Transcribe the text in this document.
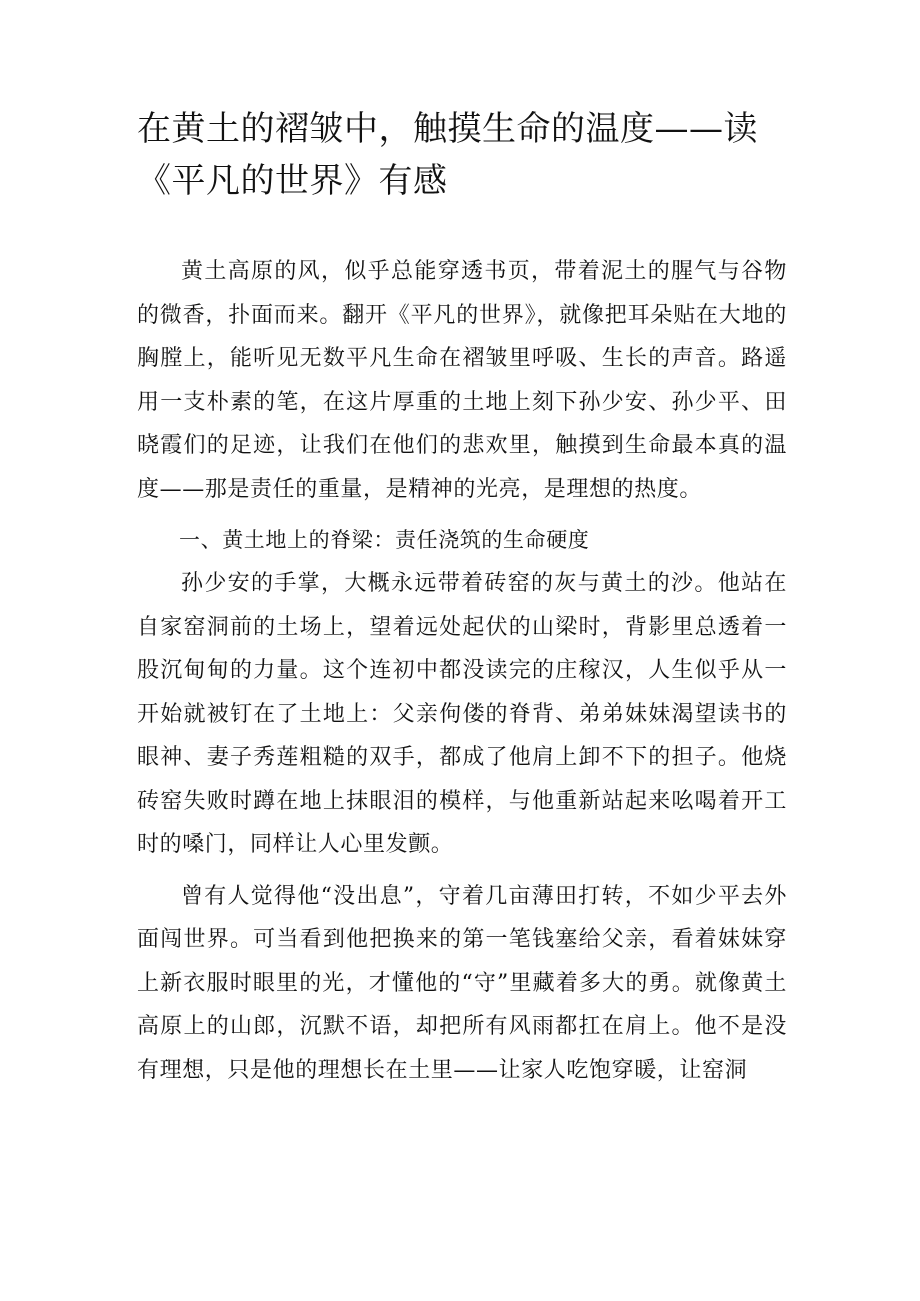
在黄土的褶皱中，触摸生命的温度——读《平凡的世界》有感

黄土高原的风，似乎总能穿透书页，带着泥土的腥气与谷物的微香，扑面而来。翻开《平凡的世界》，就像把耳朵贴在大地的胸膛上，能听见无数平凡生命在褶皱里呼吸、生长的声音。路遥用一支朴素的笔，在这片厚重的土地上刻下孙少安、孙少平、田晓霞们的足迹，让我们在他们的悲欢里，触摸到生命最本真的温度——那是责任的重量，是精神的光亮，是理想的热度。

一、黄土地上的脊梁：责任浇筑的生命硬度

孙少安的手掌，大概永远带着砖窑的灰与黄土的沙。他站在自家窑洞前的土场上，望着远处起伏的山梁时，背影里总透着一股沉甸甸的力量。这个连初中都没读完的庄稼汉，人生似乎从一开始就被钉在了土地上：父亲佝偻的脊背、弟弟妹妹渴望读书的眼神、妻子秀莲粗糙的双手，都成了他肩上卸不下的担子。他烧砖窑失败时蹲在地上抹眼泪的模样，与他重新站起来吆喝着开工时的嗓门，同样让人心里发颤。

曾有人觉得他“没出息”，守着几亩薄田打转，不如少平去外面闯世界。可当看到他把换来的第一笔钱塞给父亲，看着妹妹穿上新衣服时眼里的光，才懂他的“守”里藏着多大的勇。就像黄土高原上的山郎，沉默不语，却把所有风雨都扛在肩上。他不是没有理想，只是他的理想长在土里——让家人吃饱穿暖，让窑洞
